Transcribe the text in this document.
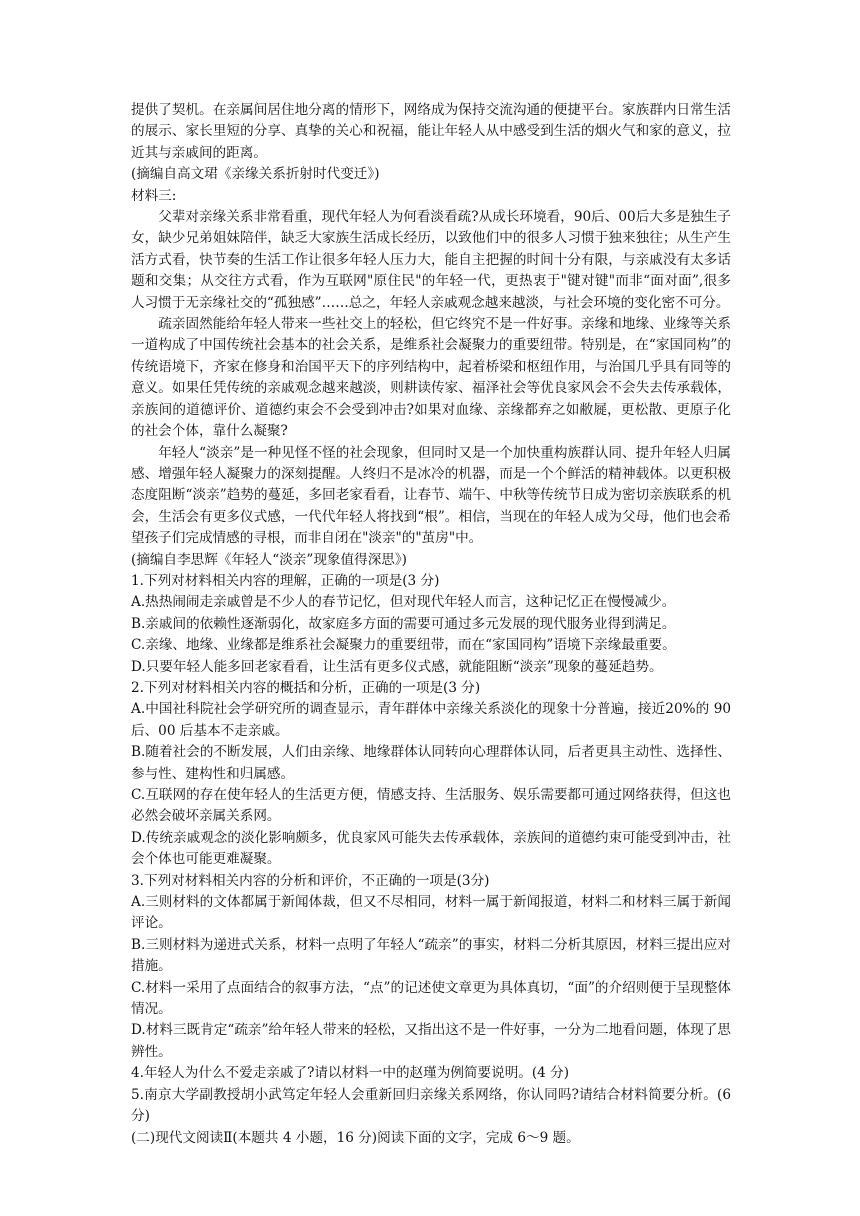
提供了契机。在亲属间居住地分离的情形下，网络成为保持交流沟通的便捷平台。家族群内日常生活的展示、家长里短的分享、真挚的关心和祝福，能让年轻人从中感受到生活的烟火气和家的意义，拉近其与亲戚间的距离。

(摘编自高文珺《亲缘关系折射时代变迁》)

材料三:

父辈对亲缘关系非常看重，现代年轻人为何看淡看疏?从成长环境看，90后、00后大多是独生子女，缺少兄弟姐妹陪伴，缺乏大家族生活成长经历，以致他们中的很多人习惯于独来独往；从生产生活方式看，快节奏的生活工作让很多年轻人压力大，能自主把握的时间十分有限，与亲戚没有太多话题和交集；从交往方式看，作为互联网"原住民"的年轻一代，更热衷于"键对键"而非“面对面”,很多人习惯于无亲缘社交的“孤独感”……总之，年轻人亲戚观念越来越淡，与社会环境的变化密不可分。

疏亲固然能给年轻人带来一些社交上的轻松，但它终究不是一件好事。亲缘和地缘、业缘等关系一道构成了中国传统社会基本的社会关系，是维系社会凝聚力的重要纽带。特别是，在“家国同构”的传统语境下，齐家在修身和治国平天下的序列结构中，起着桥梁和枢纽作用，与治国几乎具有同等的意义。如果任凭传统的亲戚观念越来越淡，则耕读传家、福泽社会等优良家风会不会失去传承载体，亲族间的道德评价、道德约束会不会受到冲击?如果对血缘、亲缘都弃之如敝屣，更松散、更原子化的社会个体，靠什么凝聚?

年轻人“淡亲”是一种见怪不怪的社会现象，但同时又是一个加快重构族群认同、提升年轻人归属感、增强年轻人凝聚力的深刻提醒。人终归不是冰冷的机器，而是一个个鲜活的精神载体。以更积极态度阻断“淡亲”趋势的蔓延，多回老家看看，让春节、端午、中秋等传统节日成为密切亲族联系的机会，生活会有更多仪式感，一代代年轻人将找到“根”。相信，当现在的年轻人成为父母，他们也会希望孩子们完成情感的寻根，而非自闭在"淡亲"的"茧房"中。

(摘编自李思辉《年轻人“淡亲”现象值得深思》)

1.下列对材料相关内容的理解，正确的一项是(3 分)

A.热热闹闹走亲戚曾是不少人的春节记忆，但对现代年轻人而言，这种记忆正在慢慢减少。

B.亲戚间的依赖性逐渐弱化，故家庭多方面的需要可通过多元发展的现代服务业得到满足。

C.亲缘、地缘、业缘都是维系社会凝聚力的重要纽带，而在“家国同构”语境下亲缘最重要。

D.只要年轻人能多回老家看看，让生活有更多仪式感，就能阻断“淡亲”现象的蔓延趋势。

2.下列对材料相关内容的概括和分析，正确的一项是(3 分)

A.中国社科院社会学研究所的调查显示，青年群体中亲缘关系淡化的现象十分普遍，接近20%的 90 后、00 后基本不走亲戚。

B.随着社会的不断发展，人们由亲缘、地缘群体认同转向心理群体认同，后者更具主动性、选择性、参与性、建构性和归属感。

C.互联网的存在使年轻人的生活更方便，情感支持、生活服务、娱乐需要都可通过网络获得，但这也必然会破坏亲属关系网。

D.传统亲戚观念的淡化影响颇多，优良家风可能失去传承载体，亲族间的道德约束可能受到冲击，社会个体也可能更难凝聚。

3.下列对材料相关内容的分析和评价，不正确的一项是(3分)

A.三则材料的文体都属于新闻体裁，但又不尽相同，材料一属于新闻报道，材料二和材料三属于新闻评论。

B.三则材料为递进式关系，材料一点明了年轻人“疏亲”的事实，材料二分析其原因，材料三提出应对措施。

C.材料一采用了点面结合的叙事方法，“点”的记述使文章更为具体真切，“面”的介绍则便于呈现整体情况。

D.材料三既肯定“疏亲”给年轻人带来的轻松，又指出这不是一件好事，一分为二地看问题，体现了思辨性。

4.年轻人为什么不爱走亲戚了?请以材料一中的赵瑾为例简要说明。(4 分)

5.南京大学副教授胡小武笃定年轻人会重新回归亲缘关系网络，你认同吗?请结合材料简要分析。(6 分)

(二)现代文阅读Ⅱ(本题共 4 小题，16 分)阅读下面的文字，完成 6～9 题。
